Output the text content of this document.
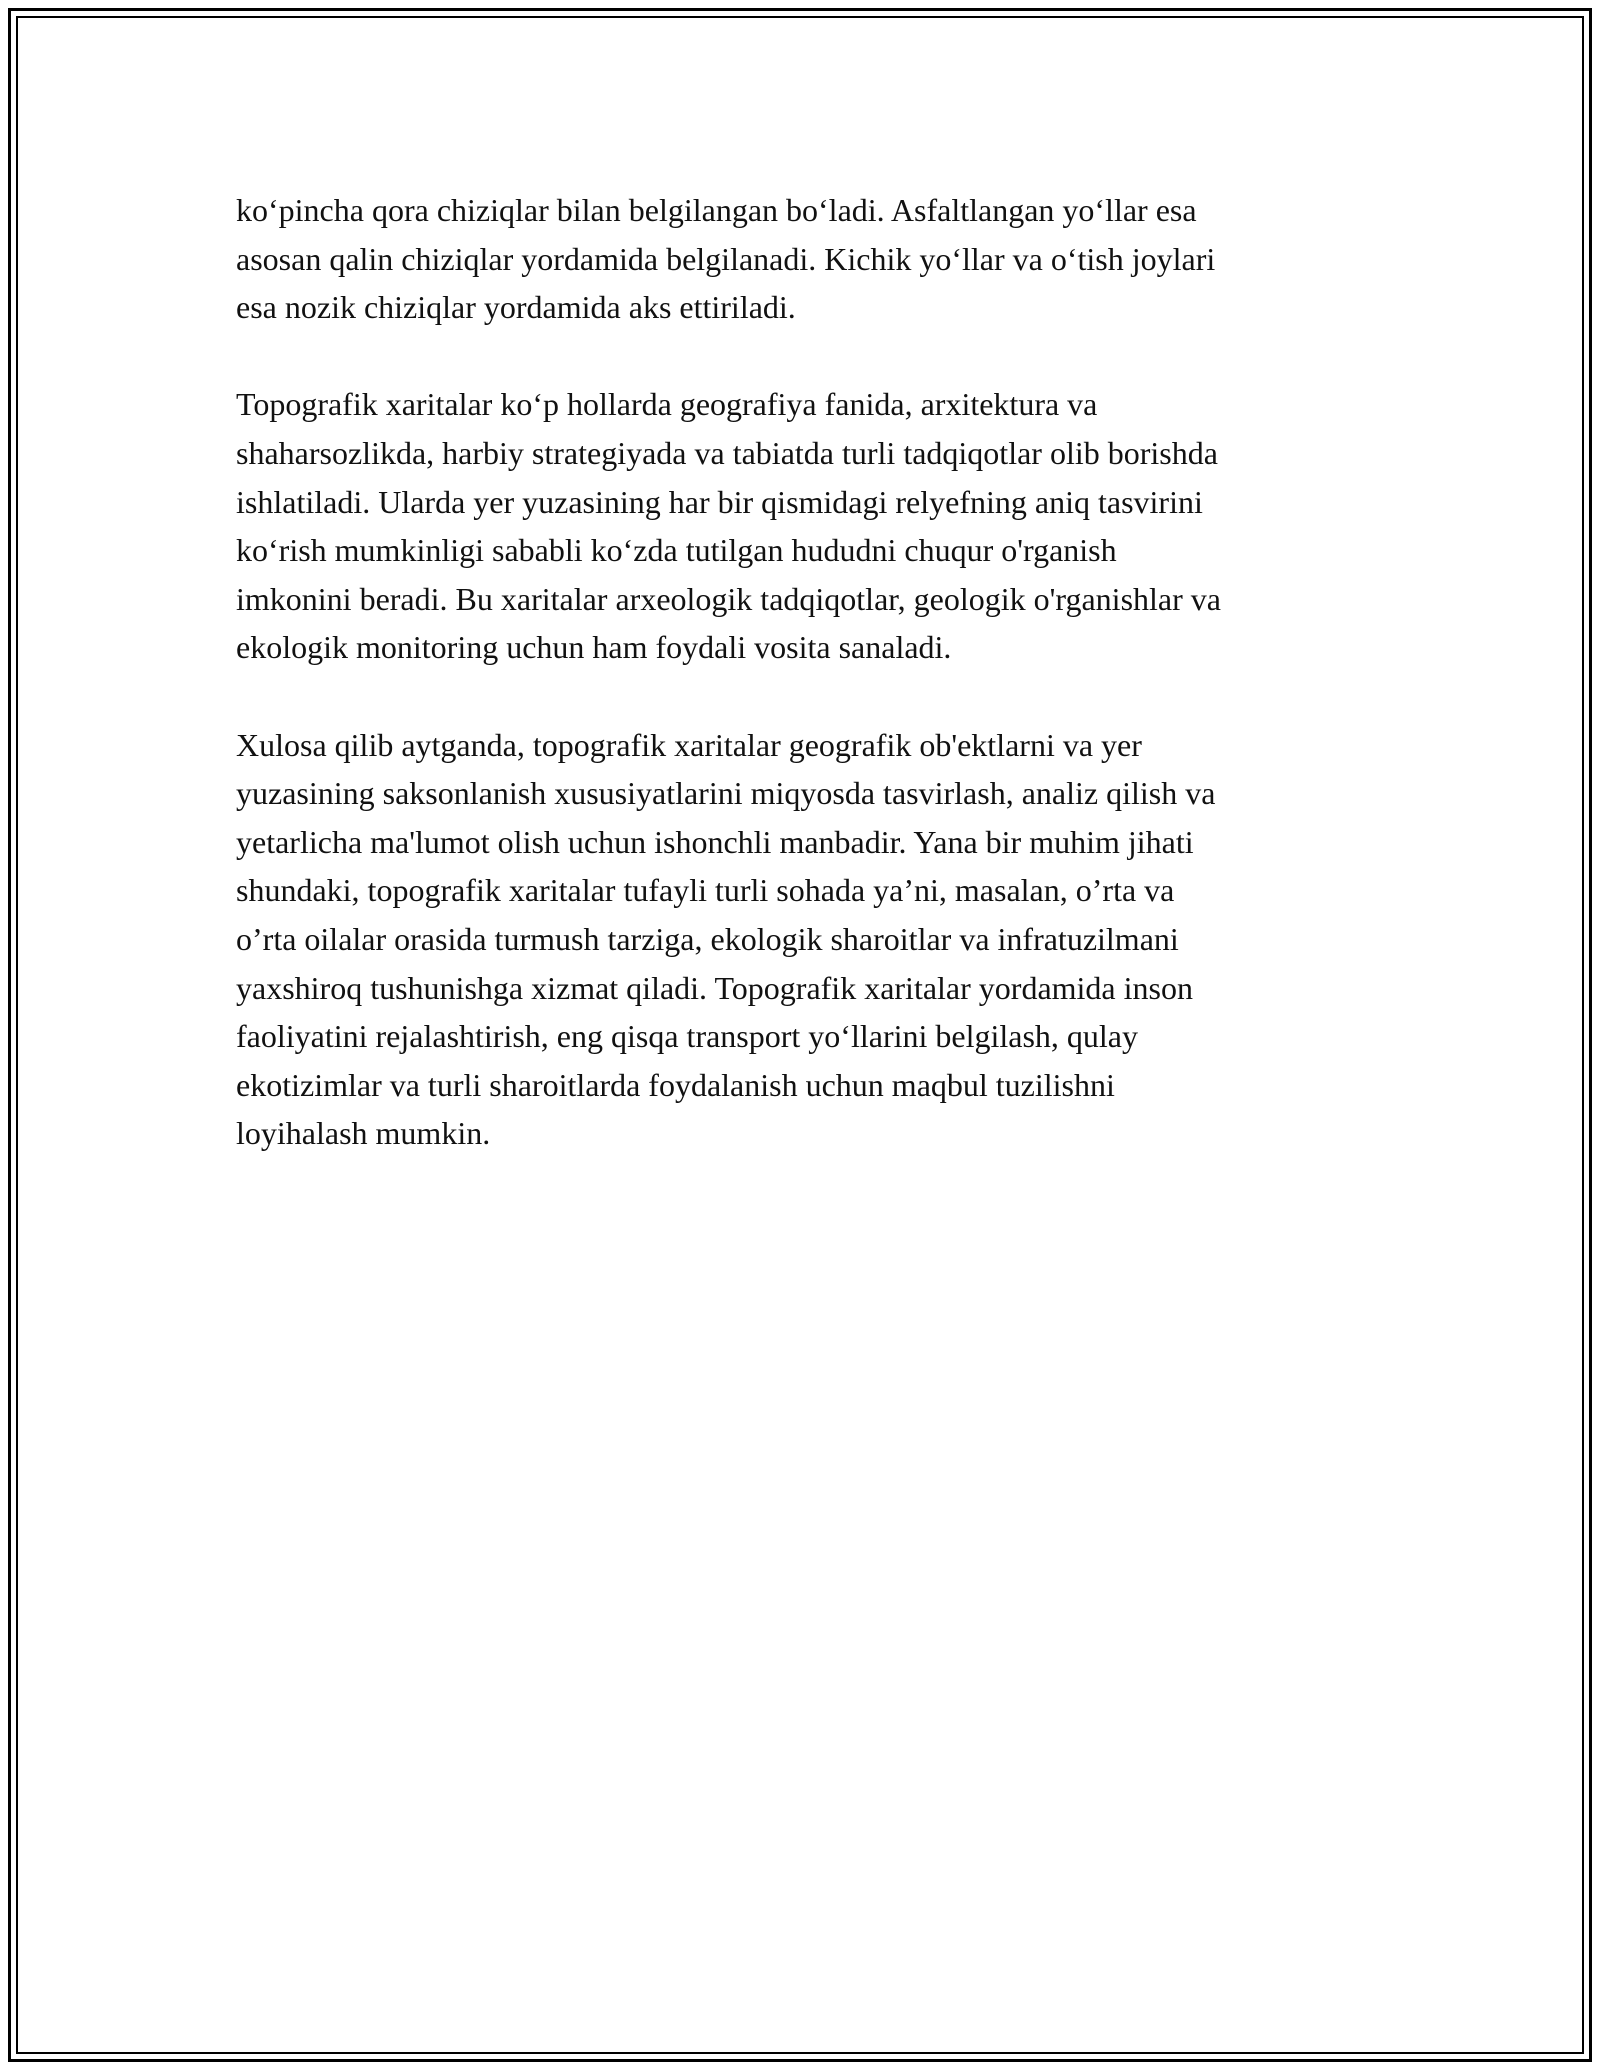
ko‘pincha qora chiziqlar bilan belgilangan bo‘ladi. Asfaltlangan yo‘llar esa
asosan qalin chiziqlar yordamida belgilanadi. Kichik yo‘llar va o‘tish joylari
esa nozik chiziqlar yordamida aks ettiriladi.

Topografik xaritalar ko‘p hollarda geografiya fanida, arxitektura va
shaharsozlikda, harbiy strategiyada va tabiatda turli tadqiqotlar olib borishda
ishlatiladi. Ularda yer yuzasining har bir qismidagi relyefning aniq tasvirini
ko‘rish mumkinligi sababli ko‘zda tutilgan hududni chuqur o'rganish
imkonini beradi. Bu xaritalar arxeologik tadqiqotlar, geologik o'rganishlar va
ekologik monitoring uchun ham foydali vosita sanaladi.

Xulosa qilib aytganda, topografik xaritalar geografik ob'ektlarni va yer
yuzasining saksonlanish xususiyatlarini miqyosda tasvirlash, analiz qilish va
yetarlicha ma'lumot olish uchun ishonchli manbadir. Yana bir muhim jihati
shundaki, topografik xaritalar tufayli turli sohada ya’ni, masalan, o’rta va
o’rta oilalar orasida turmush tarziga, ekologik sharoitlar va infratuzilmani
yaxshiroq tushunishga xizmat qiladi. Topografik xaritalar yordamida inson
faoliyatini rejalashtirish, eng qisqa transport yo‘llarini belgilash, qulay
ekotizimlar va turli sharoitlarda foydalanish uchun maqbul tuzilishni
loyihalash mumkin.
